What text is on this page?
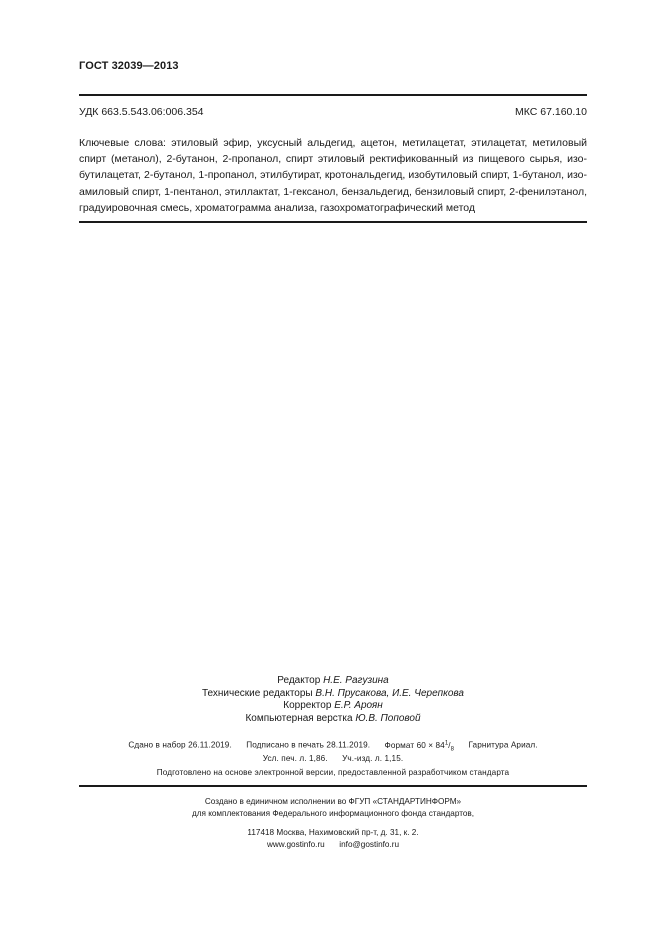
ГОСТ 32039—2013
УДК 663.5.543.06:006.354	МКС 67.160.10
Ключевые слова: этиловый эфир, уксусный альдегид, ацетон, метилацетат, этилацетат, метиловый
спирт (метанол), 2-бутанон, 2-пропанол, спирт этиловый ректификованный из пищевого сырья, изо-
бутилацетат, 2-бутанол, 1-пропанол, этилбутират, кротональдегид, изобутиловый спирт, 1-бутанол, изо-
амиловый спирт, 1-пентанол, этиллактат, 1-гексанол, бензальдегид, бензиловый спирт, 2-фенилэтанол,
градуировочная смесь, хроматограмма анализа, газохроматографический метод
Редактор Н.Е. Рагузина
Технические редакторы В.Н. Прусакова, И.Е. Черепкова
Корректор Е.Р. Ароян
Компьютерная верстка Ю.В. Поповой
Сдано в набор 26.11.2019. Подписано в печать 28.11.2019. Формат $60 \times 84^1/_8$ Гарнитура Ариал.
Усл. печ. л. 1,86. Уч.-изд. л. 1,15.
Подготовлено на основе электронной версии, предоставленной разработчиком стандарта
Создано в единичном исполнении во ФГУП «СТАНДАРТИНФОРМ»
для комплектования Федерального информационного фонда стандартов,
117418 Москва, Нахимовский пр-т, д. 31, к. 2.
www.gostinfo.ru info@gostinfo.ru
